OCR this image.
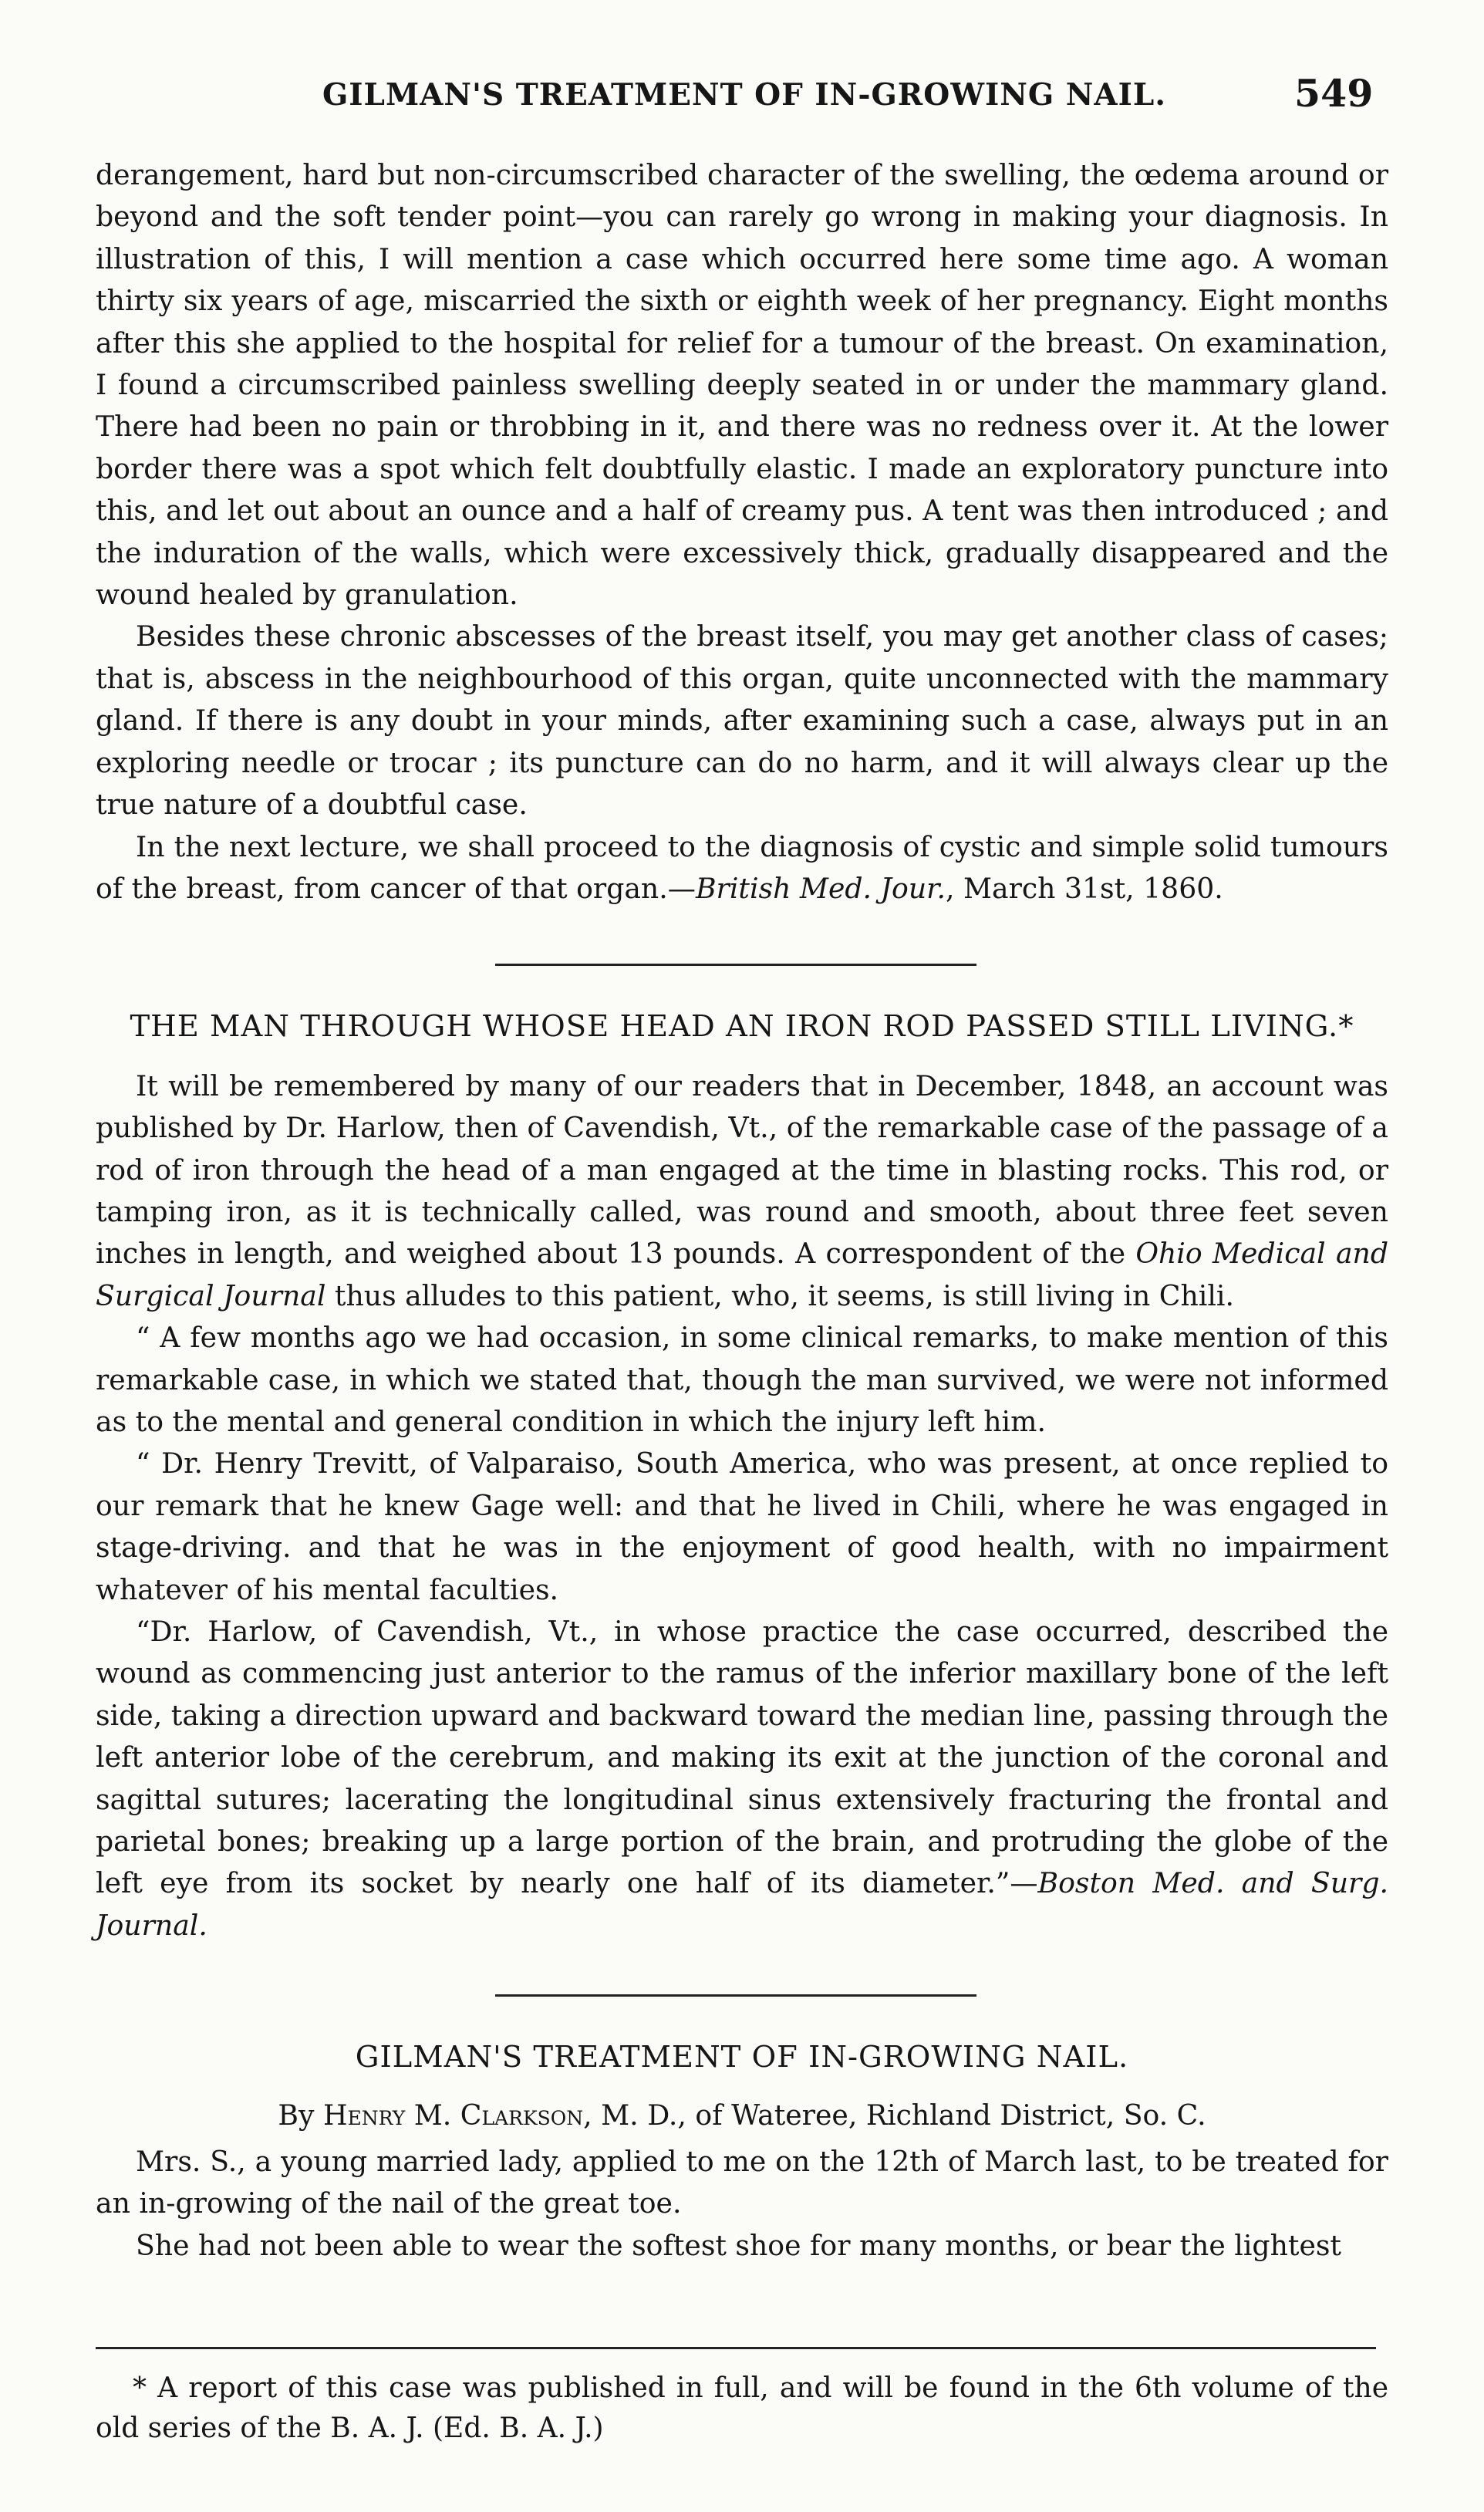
GILMAN'S TREATMENT OF IN-GROWING NAIL.	549

derangement, hard but non-circumscribed character of the swelling, the œdema around or beyond and the soft tender point—you can rarely go wrong in making your diagnosis. In illustration of this, I will mention a case which occurred here some time ago. A woman thirty six years of age, miscarried the sixth or eighth week of her pregnancy. Eight months after this she applied to the hospital for relief for a tumour of the breast. On examination, I found a circumscribed painless swelling deeply seated in or under the mammary gland. There had been no pain or throbbing in it, and there was no redness over it. At the lower border there was a spot which felt doubtfully elastic. I made an exploratory puncture into this, and let out about an ounce and a half of creamy pus. A tent was then introduced ; and the induration of the walls, which were excessively thick, gradually disappeared and the wound healed by granulation.

Besides these chronic abscesses of the breast itself, you may get another class of cases; that is, abscess in the neighbourhood of this organ, quite unconnected with the mammary gland. If there is any doubt in your minds, after examining such a case, always put in an exploring needle or trocar ; its puncture can do no harm, and it will always clear up the true nature of a doubtful case.

In the next lecture, we shall proceed to the diagnosis of cystic and simple solid tumours of the breast, from cancer of that organ.—British Med. Jour., March 31st, 1860.

THE MAN THROUGH WHOSE HEAD AN IRON ROD PASSED STILL LIVING.*

It will be remembered by many of our readers that in December, 1848, an account was published by Dr. Harlow, then of Cavendish, Vt., of the remarkable case of the passage of a rod of iron through the head of a man engaged at the time in blasting rocks. This rod, or tamping iron, as it is technically called, was round and smooth, about three feet seven inches in length, and weighed about 13 pounds. A correspondent of the Ohio Medical and Surgical Journal thus alludes to this patient, who, it seems, is still living in Chili.

“ A few months ago we had occasion, in some clinical remarks, to make mention of this remarkable case, in which we stated that, though the man survived, we were not informed as to the mental and general condition in which the injury left him.

“ Dr. Henry Trevitt, of Valparaiso, South America, who was present, at once replied to our remark that he knew Gage well: and that he lived in Chili, where he was engaged in stage-driving. and that he was in the enjoyment of good health, with no impairment whatever of his mental faculties.

“Dr. Harlow, of Cavendish, Vt., in whose practice the case occurred, described the wound as commencing just anterior to the ramus of the inferior maxillary bone of the left side, taking a direction upward and backward toward the median line, passing through the left anterior lobe of the cerebrum, and making its exit at the junction of the coronal and sagittal sutures; lacerating the longitudinal sinus extensively fracturing the frontal and parietal bones; breaking up a large portion of the brain, and protruding the globe of the left eye from its socket by nearly one half of its diameter.”—Boston Med. and Surg. Journal.

GILMAN'S TREATMENT OF IN-GROWING NAIL.
By Henry M. Clarkson, M. D., of Wateree, Richland District, So. C.

Mrs. S., a young married lady, applied to me on the 12th of March last, to be treated for an in-growing of the nail of the great toe.

She had not been able to wear the softest shoe for many months, or bear the lightest

* A report of this case was published in full, and will be found in the 6th volume of the old series of the B. A. J. (Ed. B. A. J.)
